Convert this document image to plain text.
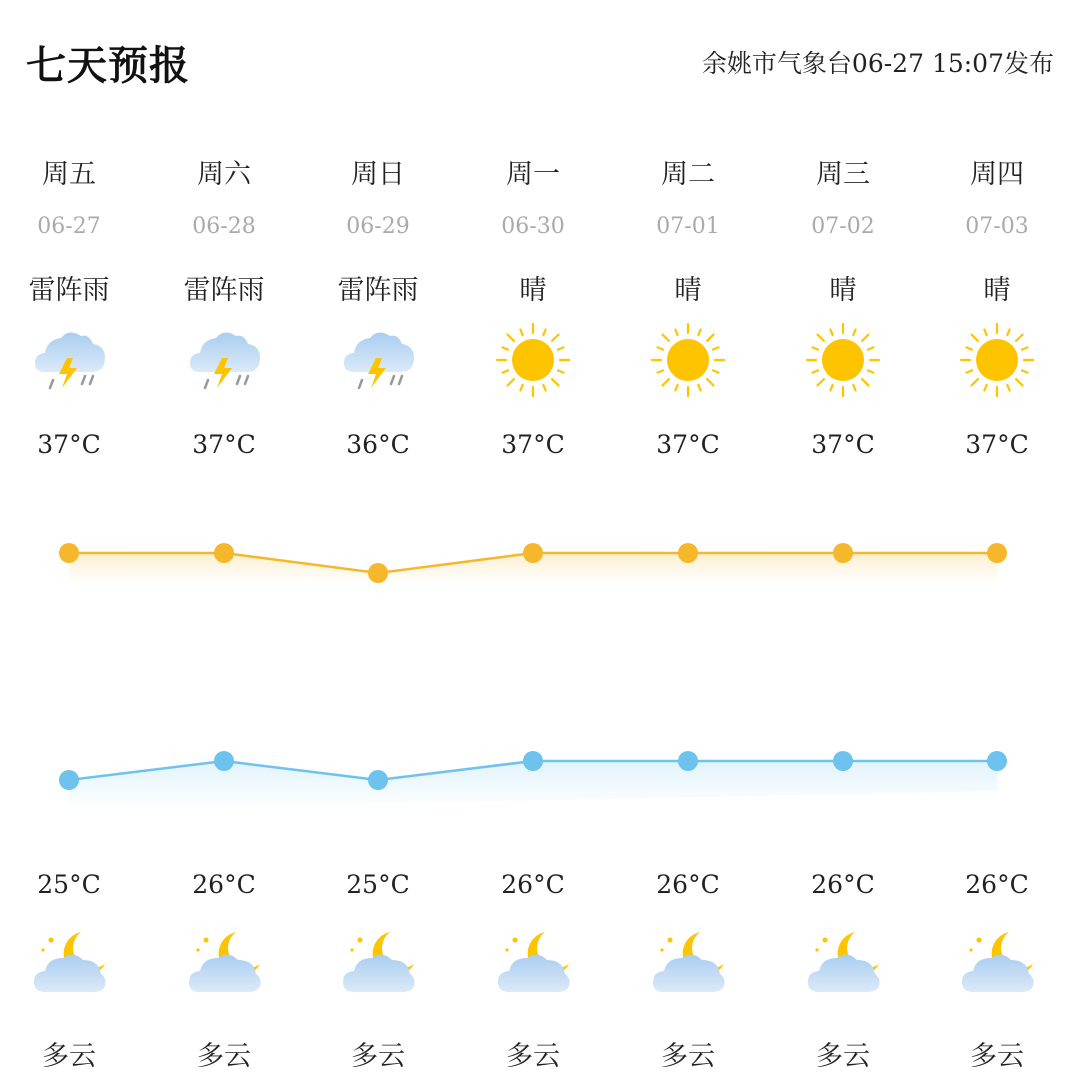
七天预报	余姚市气象台06-27 15:07发布
周五
06-27
雷阵雨
37°C
25°C
多云
周六
06-28
雷阵雨
37°C
26°C
多云
周日
06-29
雷阵雨
36°C
25°C
多云
周一
06-30
晴
37°C
26°C
多云
周二
07-01
晴
37°C
26°C
多云
周三
07-02
晴
37°C
26°C
多云
周四
07-03
晴
37°C
26°C
多云
